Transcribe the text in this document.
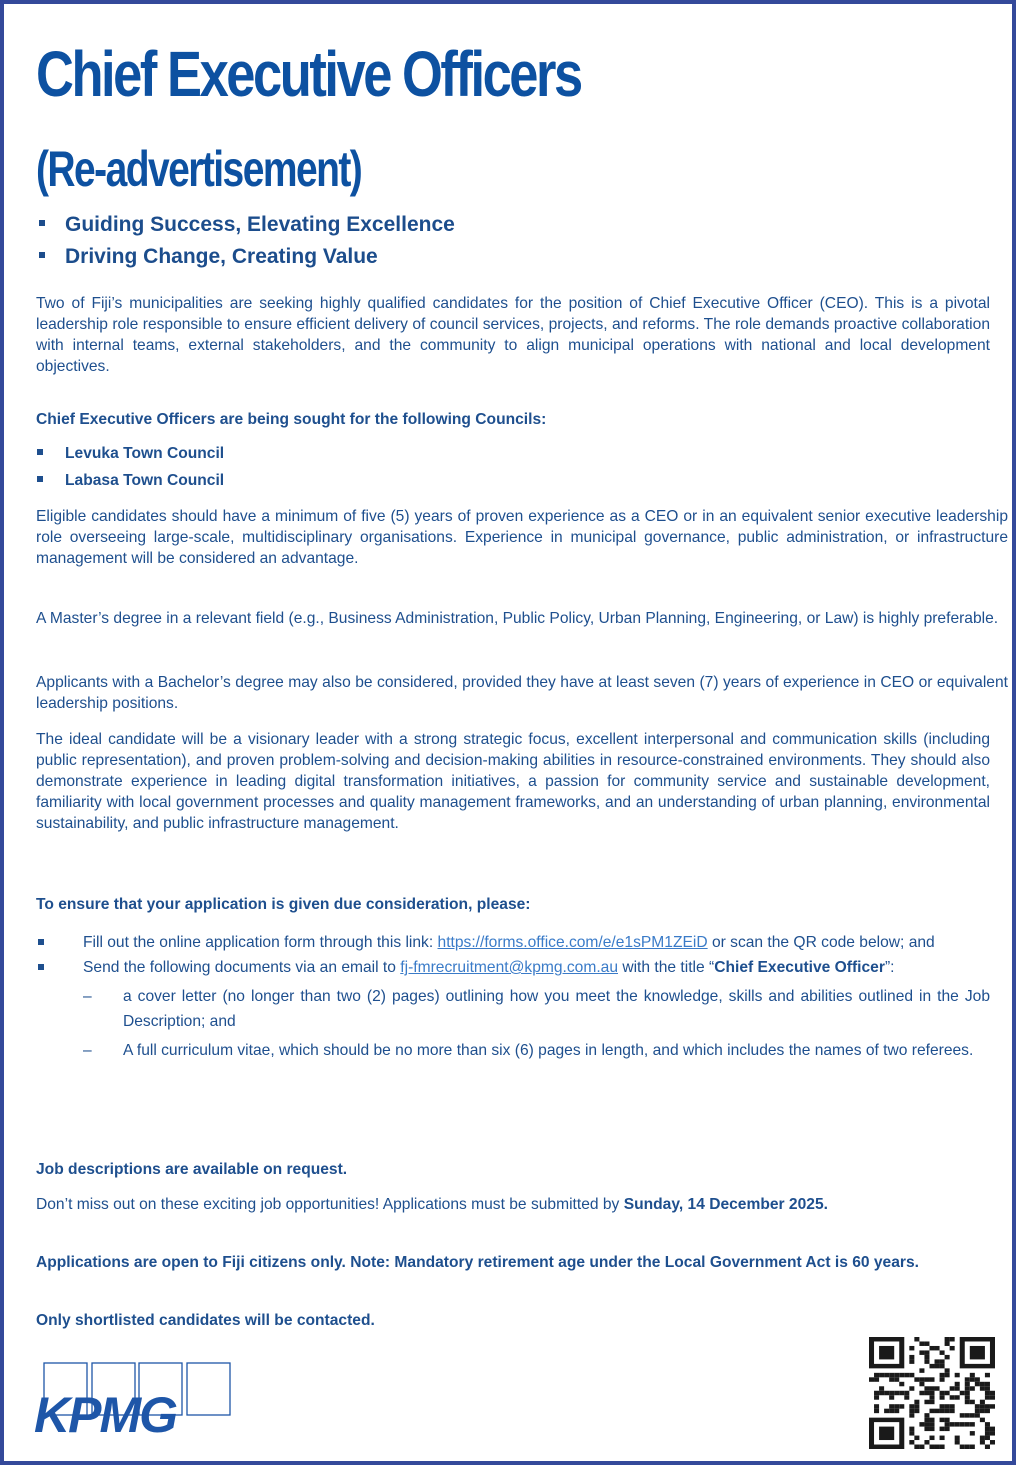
Chief Executive Officers
(Re-advertisement)
Guiding Success, Elevating Excellence
Driving Change, Creating Value

Two of Fiji’s municipalities are seeking highly qualified candidates for the position of Chief Executive Officer (CEO). This is a pivotal leadership role responsible to ensure efficient delivery of council services, projects, and reforms. The role demands proactive collaboration with internal teams, external stakeholders, and the community to align municipal operations with national and local development objectives.

Chief Executive Officers are being sought for the following Councils:

Levuka Town Council
Labasa Town Council

Eligible candidates should have a minimum of five (5) years of proven experience as a CEO or in an equivalent senior executive leadership role overseeing large-scale, multidisciplinary organisations. Experience in municipal governance, public administration, or infrastructure management will be considered an advantage.

A Master’s degree in a relevant field (e.g., Business Administration, Public Policy, Urban Planning, Engineering, or Law) is highly preferable.

Applicants with a Bachelor’s degree may also be considered, provided they have at least seven (7) years of experience in CEO or equivalent leadership positions.

The ideal candidate will be a visionary leader with a strong strategic focus, excellent interpersonal and communication skills (including public representation), and proven problem-solving and decision-making abilities in resource-constrained environments. They should also demonstrate experience in leading digital transformation initiatives, a passion for community service and sustainable development, familiarity with local government processes and quality management frameworks, and an understanding of urban planning, environmental sustainability, and public infrastructure management.

To ensure that your application is given due consideration, please:

Fill out the online application form through this link: https://forms.office.com/e/e1sPM1ZEiD or scan the QR code below; and
Send the following documents via an email to fj-fmrecruitment@kpmg.com.au with the title “Chief Executive Officer”:
– a cover letter (no longer than two (2) pages) outlining how you meet the knowledge, skills and abilities outlined in the Job Description; and
– A full curriculum vitae, which should be no more than six (6) pages in length, and which includes the names of two referees.

Job descriptions are available on request.

Don’t miss out on these exciting job opportunities! Applications must be submitted by Sunday, 14 December 2025.

Applications are open to Fiji citizens only. Note: Mandatory retirement age under the Local Government Act is 60 years.

Only shortlisted candidates will be contacted.

KPMG
